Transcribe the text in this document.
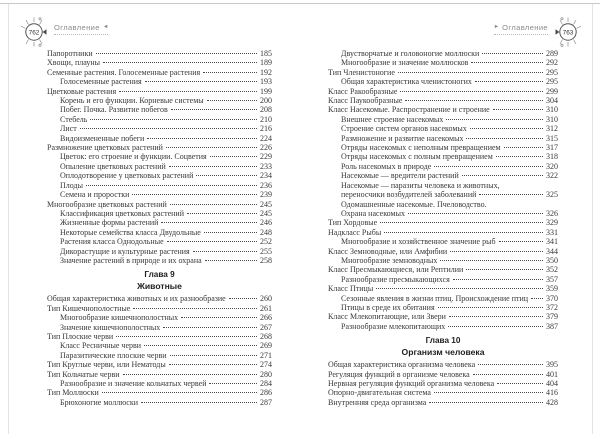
762
Оглавление ◄
Папоротники	185
Хвощи, плауны	189
Семенные растения. Голосеменные растения	192
Голосеменные растения	193
Цветковые растения	199
Корень и его функции. Корневые системы	200
Побег. Почка. Развитие побегов	208
Стебель	210
Лист	216
Видоизмененные побеги	224
Размножение цветковых растений	226
Цветок: его строение и функции. Соцветия	229
Опыление цветковых растений	233
Оплодотворение у цветковых растений	234
Плоды	236
Семена и проростки	239
Многообразие цветковых растений	245
Классификация цветковых растений	245
Жизненные формы растений	246
Некоторые семейства класса Двудольные	248
Растения класса Однодольные	252
Дикорастущие и культурные растения	255
Значение растений в природе и их охрана	258
Глава 9
Животные
Общая характеристика животных и их разнообразие	260
Тип Кишечнополостные	261
Многообразие кишечнополостных	266
Значение кишечнополостных	267
Тип Плоские черви	268
Класс Ресничные черви	269
Паразитические плоские черви	271
Тип Круглые черви, или Нематоды	274
Тип Кольчатые черви	280
Разнообразие и значение кольчатых червей	284
Тип Моллюски	286
Брюхоногие моллюски	287
► Оглавление
763
Двустворчатые и головоногие моллюски	289
Многообразие и значение моллюсков	292
Тип Членистоногие	295
Общая характеристика членистоногих	295
Класс Ракообразные	299
Класс Паукообразные	304
Класс Насекомые. Распространение и строение	310
Внешнее строение насекомых	310
Строение систем органов насекомых	312
Размножение и развитие насекомых	315
Отряды насекомых с неполным превращением	317
Отряды насекомых с полным превращением	318
Роль насекомых в природе	320
Насекомые — вредители растений	322
Насекомые — паразиты человека и животных,
переносчики возбудителей заболеваний	325
Одомашненные насекомые. Пчеловодство.
Охрана насекомых	326
Тип Хордовые	329
Надкласс Рыбы	331
Многообразие и хозяйственное значение рыб	341
Класс Земноводные, или Амфибии	344
Многообразие земноводных	350
Класс Пресмыкающиеся, или Рептилии	352
Разнообразие пресмыкающихся	357
Класс Птицы	359
Сезонные явления в жизни птиц. Происхождение птиц 370
Птицы в среде их обитания	372
Класс Млекопитающие, или Звери	379
Разнообразие млекопитающих	387
Глава 10
Организм человека
Общая характеристика организма человека	395
Регуляция функций в организме человека	401
Нервная регуляция функций организма человека	404
Опорно-двигательная система	416
Внутренняя среда организма	428
